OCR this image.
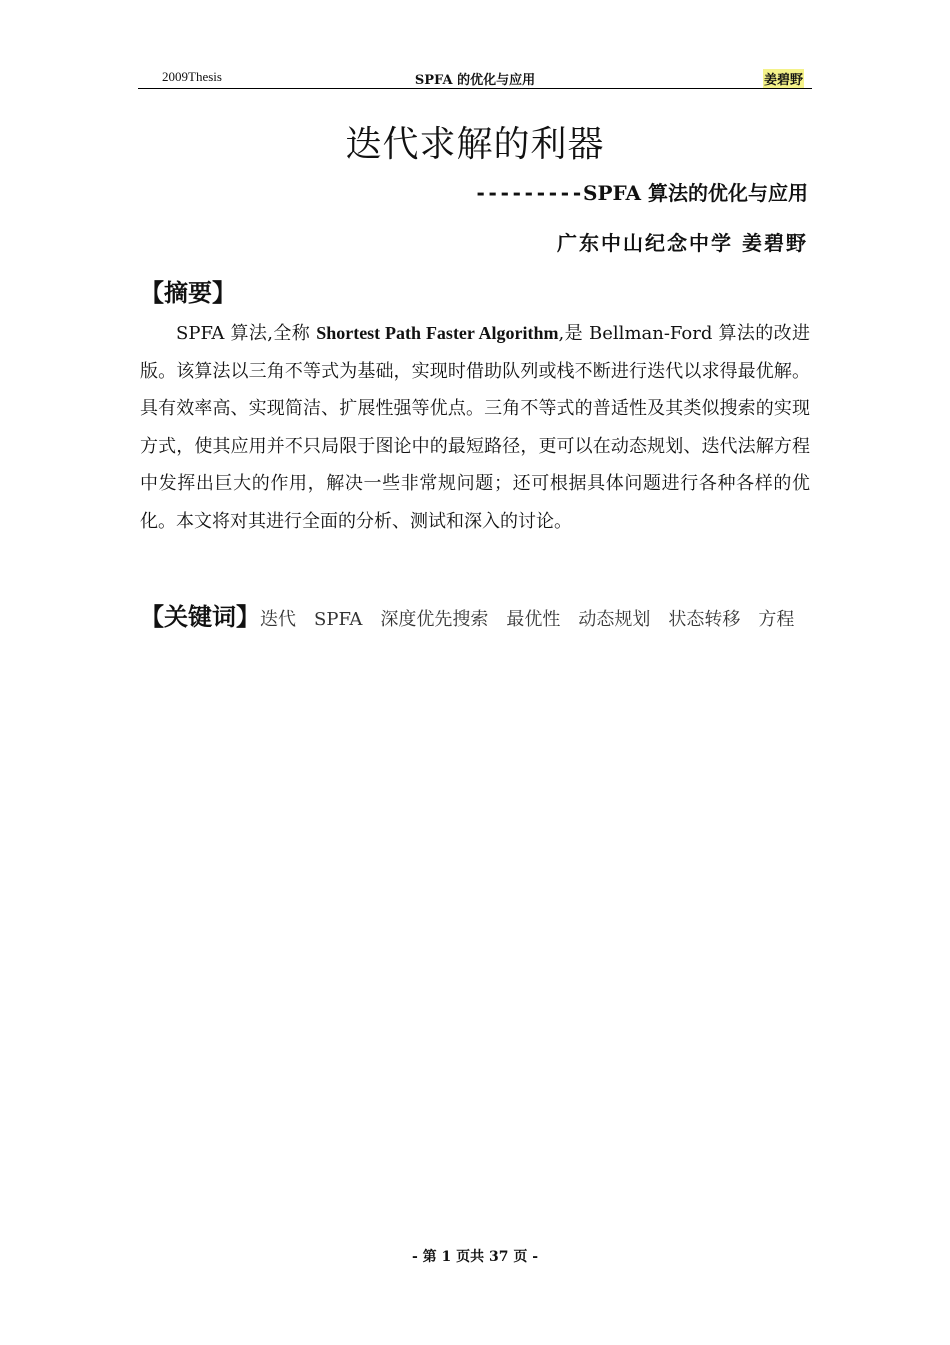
2009Thesis	SPFA 的优化与应用	姜碧野
迭代求解的利器
---------SPFA 算法的优化与应用
广东中山纪念中学 姜碧野
【摘要】
SPFA 算法,全称 Shortest Path Faster Algorithm,是 Bellman-Ford 算法的改进版。该算法以三角不等式为基础，实现时借助队列或栈不断进行迭代以求得最优解。具有效率高、实现简洁、扩展性强等优点。三角不等式的普适性及其类似搜索的实现方式，使其应用并不只局限于图论中的最短路径，更可以在动态规划、迭代法解方程中发挥出巨大的作用，解决一些非常规问题；还可根据具体问题进行各种各样的优化。本文将对其进行全面的分析、测试和深入的讨论。
【关键词】 迭代 SPFA 深度优先搜索 最优性 动态规划 状态转移 方程
- 第 1 页共 37 页 -
